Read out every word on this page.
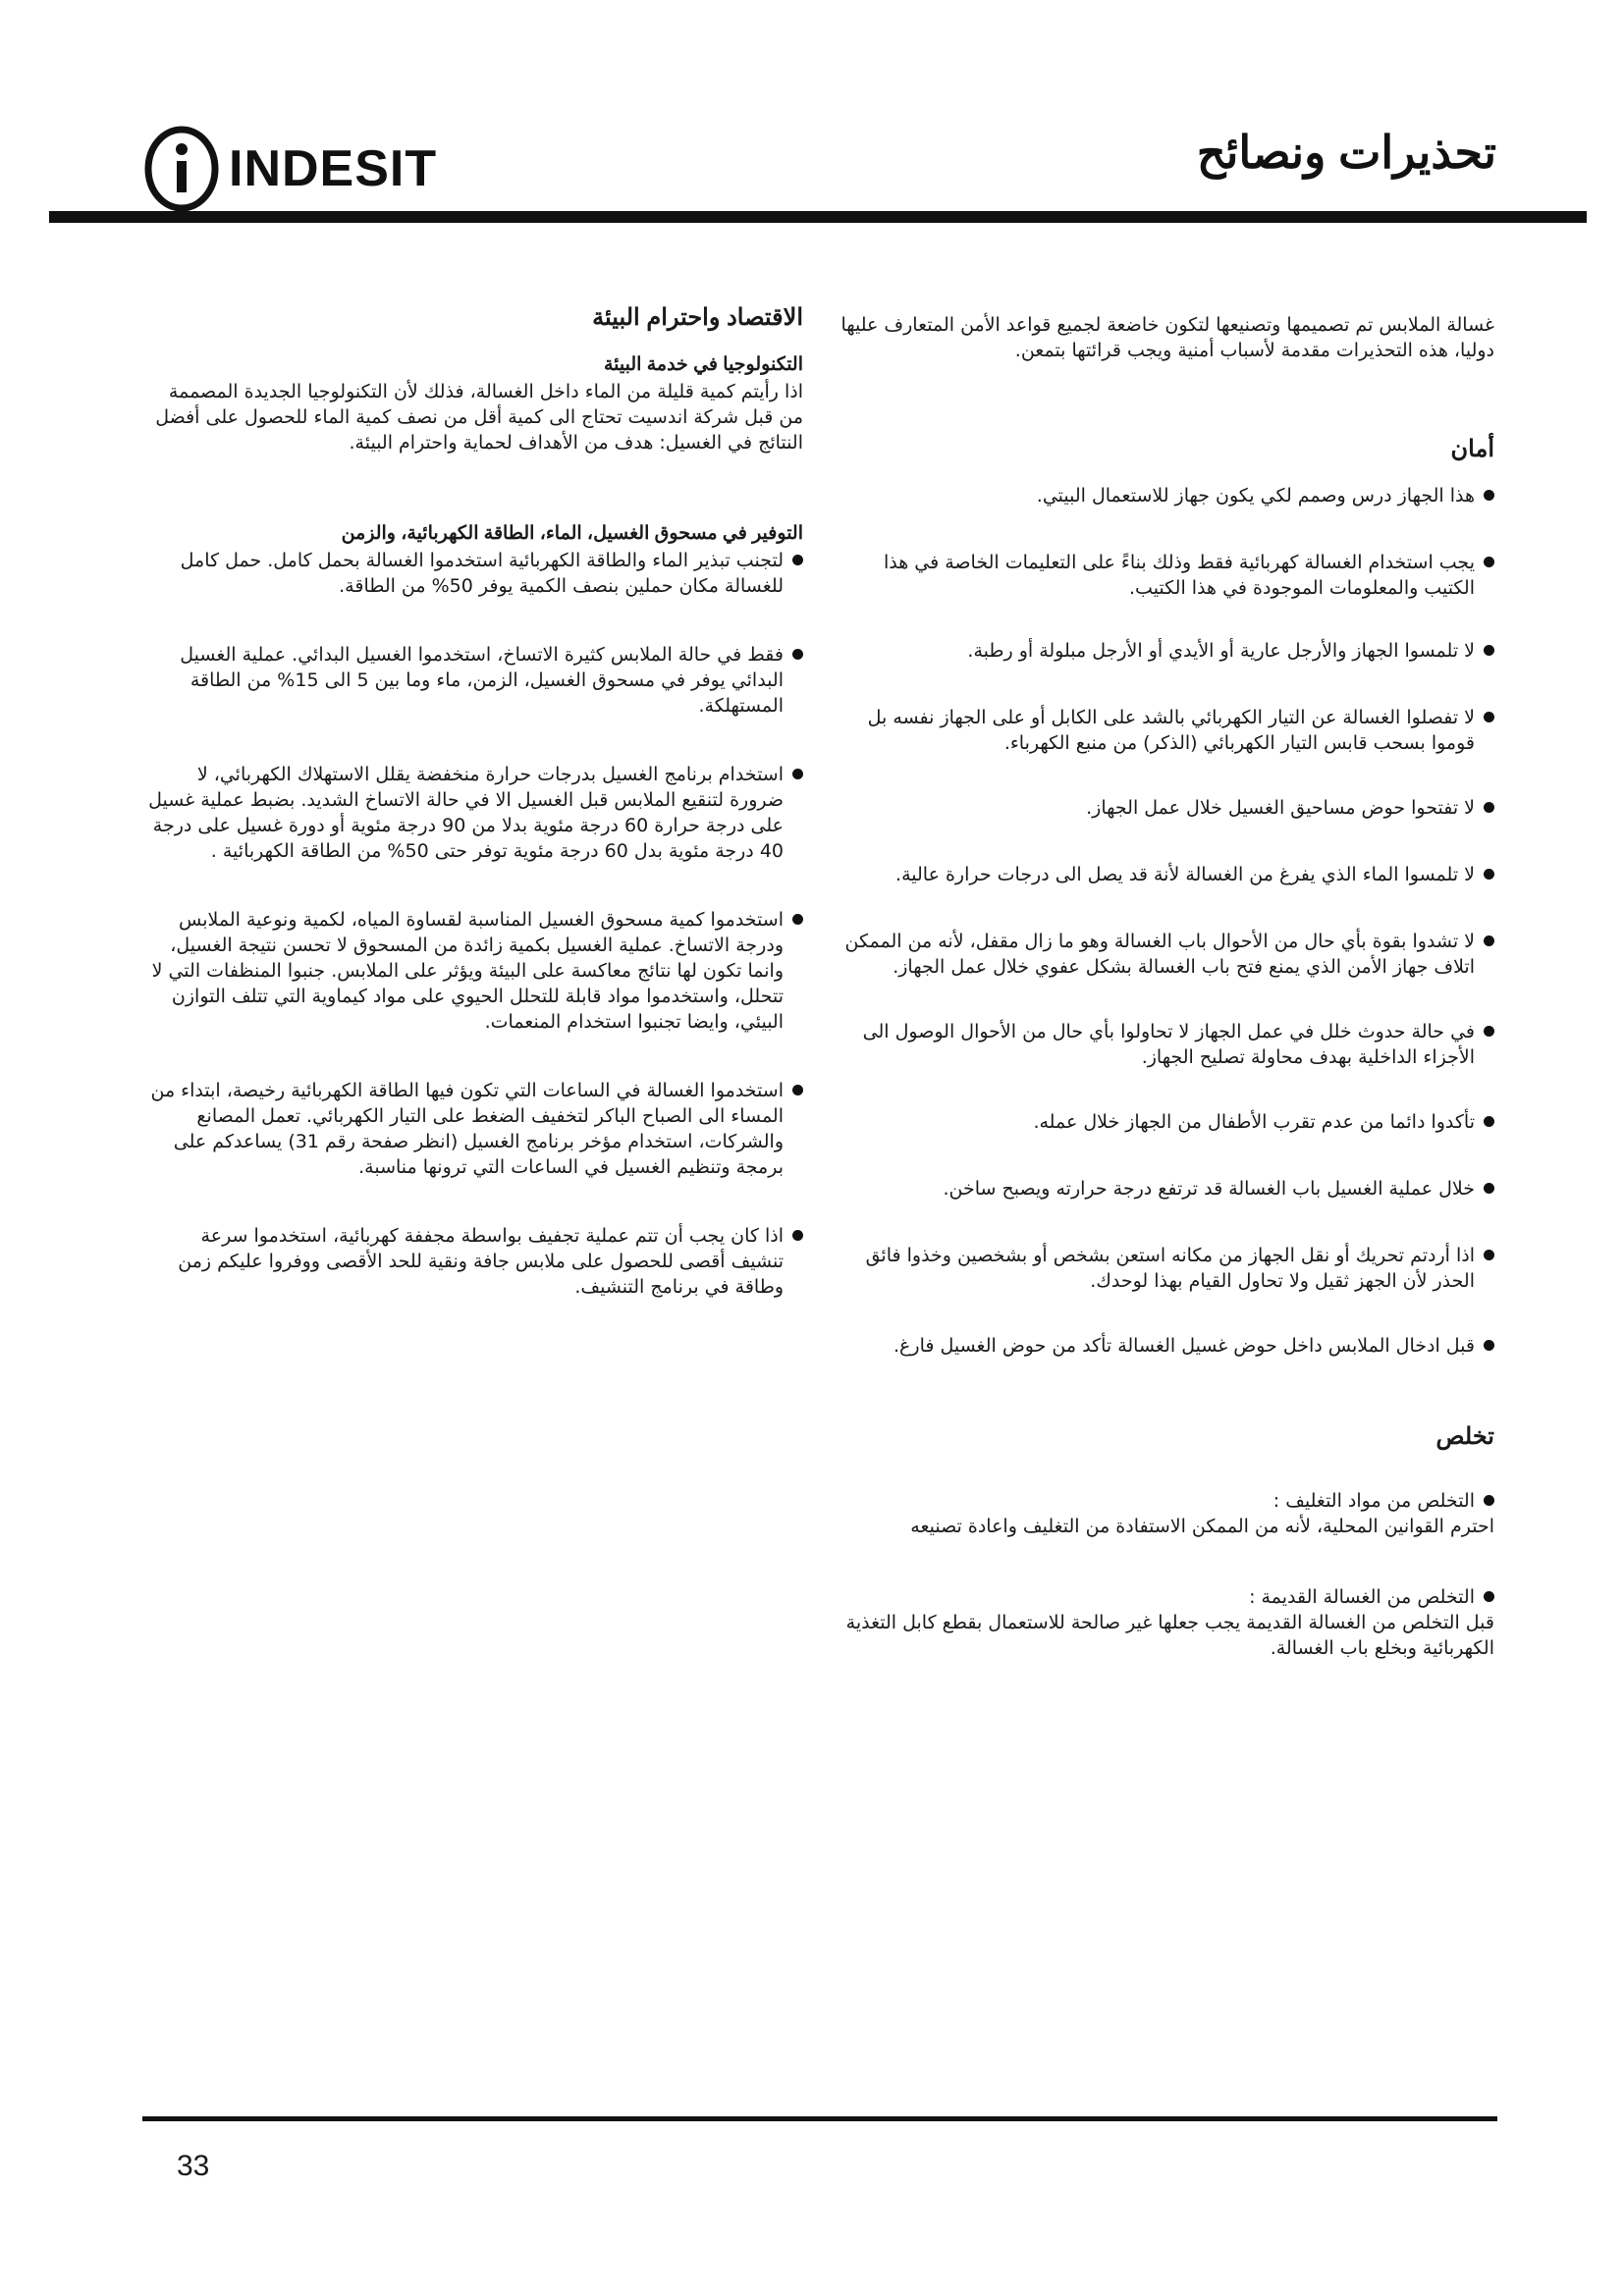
INDESIT	تحذيرات ونصائح

غسالة الملابس تم تصميمها وتصنيعها لتكون خاضعة لجميع قواعد الأمن المتعارف عليها دوليا، هذه التحذيرات مقدمة لأسباب أمنية ويجب قرائتها بتمعن.

أمان
هذا الجهاز درس وصمم لكي يكون جهاز للاستعمال البيتي.
يجب استخدام الغسالة كهربائية فقط وذلك بناءً على التعليمات الخاصة في هذا الكتيب والمعلومات الموجودة في هذا الكتيب.
لا تلمسوا الجهاز والأرجل عارية أو الأيدي أو الأرجل مبلولة أو رطبة.
لا تفصلوا الغسالة عن التيار الكهربائي بالشد على الكابل أو على الجهاز نفسه بل قوموا بسحب قابس التيار الكهربائي (الذكر) من منبع الكهرباء.
لا تفتحوا حوض مساحيق الغسيل خلال عمل الجهاز.
لا تلمسوا الماء الذي يفرغ من الغسالة لأنة قد يصل الى درجات حرارة عالية.
لا تشدوا بقوة بأي حال من الأحوال باب الغسالة وهو ما زال مقفل، لأنه من الممكن اتلاف جهاز الأمن الذي يمنع فتح باب الغسالة بشكل عفوي خلال عمل الجهاز.
في حالة حدوث خلل في عمل الجهاز لا تحاولوا بأي حال من الأحوال الوصول الى الأجزاء الداخلية بهدف محاولة تصليح الجهاز.
تأكدوا دائما من عدم تقرب الأطفال من الجهاز خلال عمله.
خلال عملية الغسيل باب الغسالة قد ترتفع درجة حرارته ويصبح ساخن.
اذا أردتم تحريك أو نقل الجهاز من مكانه استعن بشخص أو بشخصين وخذوا فائق الحذر لأن الجهز ثقيل ولا تحاول القيام بهذا لوحدك.
قبل ادخال الملابس داخل حوض غسيل الغسالة تأكد من حوض الغسيل فارغ.
تخلص
التخلص من مواد التغليف :
احترم القوانين المحلية، لأنه من الممكن الاستفادة من التغليف واعادة تصنيعه
التخلص من الغسالة القديمة :
قبل التخلص من الغسالة القديمة يجب جعلها غير صالحة للاستعمال بقطع كابل التغذية الكهربائية وبخلع باب الغسالة.
الاقتصاد واحترام البيئة
التكنولوجيا في خدمة البيئة

اذا رأيتم كمية قليلة من الماء داخل الغسالة، فذلك لأن التكنولوجيا الجديدة المصممة من قبل شركة اندسيت تحتاج الى كمية أقل من نصف كمية الماء للحصول على أفضل النتائج في الغسيل: هدف من الأهداف لحماية واحترام البيئة.

التوفير في مسحوق الغسيل، الماء، الطاقة الكهربائية، والزمن
لتجنب تبذير الماء والطاقة الكهربائية استخدموا الغسالة بحمل كامل. حمل كامل للغسالة مكان حملين بنصف الكمية يوفر 50% من الطاقة.
فقط في حالة الملابس كثيرة الاتساخ، استخدموا الغسيل البدائي. عملية الغسيل البدائي يوفر في مسحوق الغسيل، الزمن، ماء وما بين 5 الى 15% من الطاقة المستهلكة.
استخدام برنامج الغسيل بدرجات حرارة منخفضة يقلل الاستهلاك الكهربائي، لا ضرورة لتنقيع الملابس قبل الغسيل الا في حالة الاتساخ الشديد. بضبط عملية غسيل على درجة حرارة 60 درجة مئوية بدلا من 90 درجة مئوية أو دورة غسيل على درجة 40 درجة مئوية بدل 60 درجة مئوية توفر حتى 50% من الطاقة الكهربائية .
استخدموا كمية مسحوق الغسيل المناسبة لقساوة المياه، لكمية ونوعية الملابس ودرجة الاتساخ. عملية الغسيل بكمية زائدة من المسحوق لا تحسن نتيجة الغسيل، وانما تكون لها نتائج معاكسة على البيئة ويؤثر على الملابس. جنبوا المنظفات التي لا تتحلل، واستخدموا مواد قابلة للتحلل الحيوي على مواد كيماوية التي تتلف التوازن البيئي، وايضا تجنبوا استخدام المنعمات.
استخدموا الغسالة في الساعات التي تكون فيها الطاقة الكهربائية رخيصة، ابتداء من المساء الى الصباح الباكر لتخفيف الضغط على التيار الكهربائي. تعمل المصانع والشركات، استخدام مؤخر برنامج الغسيل (انظر صفحة رقم 31) يساعدكم على برمجة وتنظيم الغسيل في الساعات التي ترونها مناسبة.
اذا كان يجب أن تتم عملية تجفيف بواسطة مجففة كهربائية، استخدموا سرعة تنشيف أقصى للحصول على ملابس جافة ونقية للحد الأقصى ووفروا عليكم زمن وطاقة في برنامج التنشيف.
33
